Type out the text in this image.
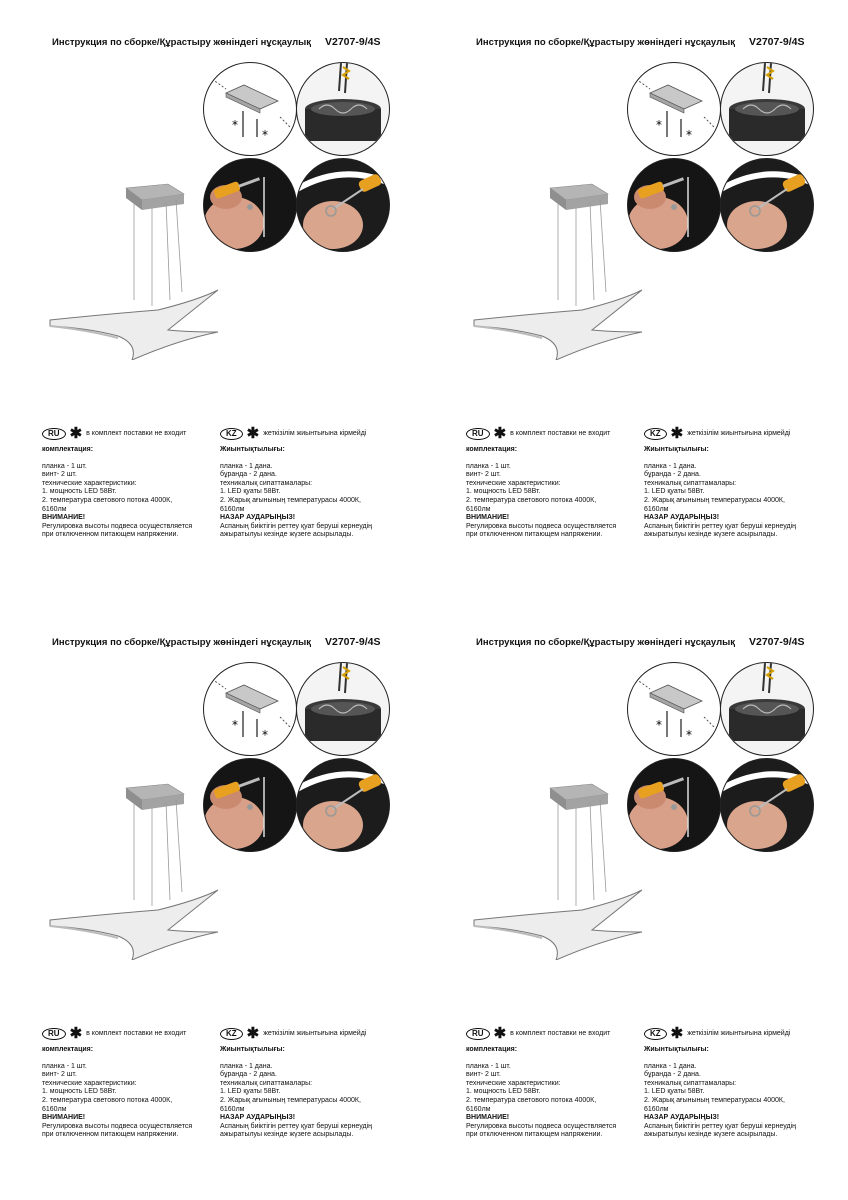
Инструкция по сборке/Құрастыру жөніндегі нұсқаулық V2707-9/4S
*
*
RU ✱ в комплект поставки не входит
комплектация:
планка - 1 шт.
винт- 2 шт.
технические характеристики:
1. мощность LED 58Вт.
2. температура светового потока 4000К,
6160лм
ВНИМАНИЕ!
Регулировка высоты подвеса осуществляется
при отключенном питающем напряжении.
KZ ✱ жеткізілім жиынтығына кірмейді
Жиынтықтылығы:
планка - 1 дана.
бұранда - 2 дана.
техникалық сипаттамалары:
1. LED қуаты 58Вт.
2. Жарық ағынының температурасы 4000К,
6160лм
НАЗАР АУДАРЫҢЫЗ!
Аспаның биіктігін реттеу қуат беруші кернеудің
ажыратылуы кезінде жүзеге асырылады.
Инструкция по сборке/Құрастыру жөніндегі нұсқаулық V2707-9/4S
*
*
RU ✱ в комплект поставки не входит
комплектация:
планка - 1 шт.
винт- 2 шт.
технические характеристики:
1. мощность LED 58Вт.
2. температура светового потока 4000К,
6160лм
ВНИМАНИЕ!
Регулировка высоты подвеса осуществляется
при отключенном питающем напряжении.
KZ ✱ жеткізілім жиынтығына кірмейді
Жиынтықтылығы:
планка - 1 дана.
бұранда - 2 дана.
техникалық сипаттамалары:
1. LED қуаты 58Вт.
2. Жарық ағынының температурасы 4000К,
6160лм
НАЗАР АУДАРЫҢЫЗ!
Аспаның биіктігін реттеу қуат беруші кернеудің
ажыратылуы кезінде жүзеге асырылады.
Инструкция по сборке/Құрастыру жөніндегі нұсқаулық V2707-9/4S
*
*
RU ✱ в комплект поставки не входит
комплектация:
планка - 1 шт.
винт- 2 шт.
технические характеристики:
1. мощность LED 58Вт.
2. температура светового потока 4000К,
6160лм
ВНИМАНИЕ!
Регулировка высоты подвеса осуществляется
при отключенном питающем напряжении.
KZ ✱ жеткізілім жиынтығына кірмейді
Жиынтықтылығы:
планка - 1 дана.
бұранда - 2 дана.
техникалық сипаттамалары:
1. LED қуаты 58Вт.
2. Жарық ағынының температурасы 4000К,
6160лм
НАЗАР АУДАРЫҢЫЗ!
Аспаның биіктігін реттеу қуат беруші кернеудің
ажыратылуы кезінде жүзеге асырылады.
Инструкция по сборке/Құрастыру жөніндегі нұсқаулық V2707-9/4S
*
*
RU ✱ в комплект поставки не входит
комплектация:
планка - 1 шт.
винт- 2 шт.
технические характеристики:
1. мощность LED 58Вт.
2. температура светового потока 4000К,
6160лм
ВНИМАНИЕ!
Регулировка высоты подвеса осуществляется
при отключенном питающем напряжении.
KZ ✱ жеткізілім жиынтығына кірмейді
Жиынтықтылығы:
планка - 1 дана.
бұранда - 2 дана.
техникалық сипаттамалары:
1. LED қуаты 58Вт.
2. Жарық ағынының температурасы 4000К,
6160лм
НАЗАР АУДАРЫҢЫЗ!
Аспаның биіктігін реттеу қуат беруші кернеудің
ажыратылуы кезінде жүзеге асырылады.
